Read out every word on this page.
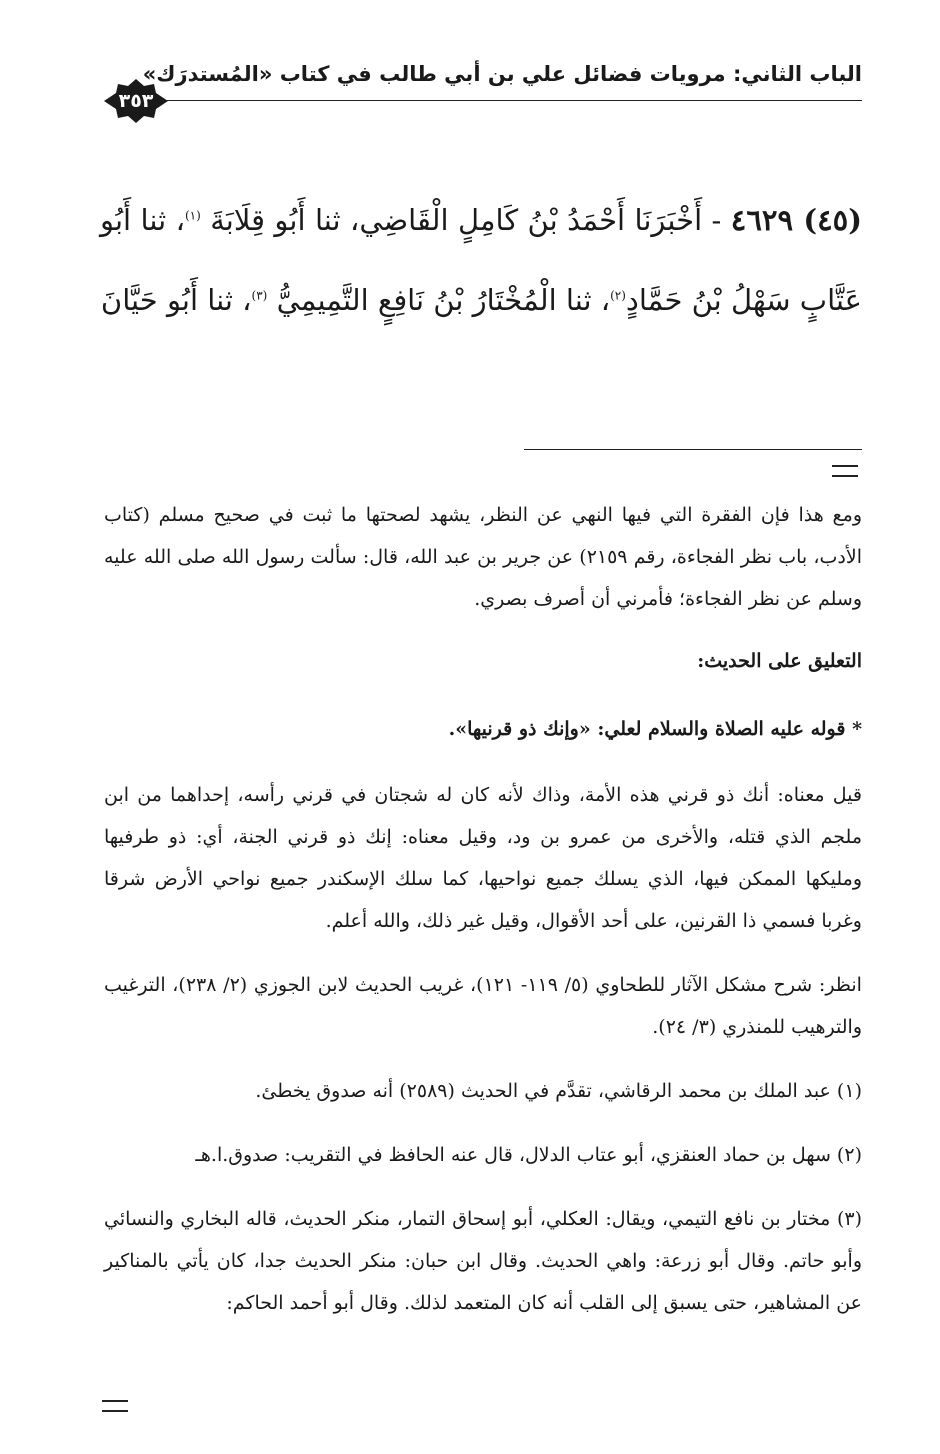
الباب الثاني: مرويات فضائل علي بن أبي طالب في كتاب «المُستدرَك»
٣٥٣
(٤٥) ٤٦٢٩ - أَخْبَرَنَا أَحْمَدُ بْنُ كَامِلٍ الْقَاضِي، ثنا أَبُو قِلَابَةَ $^{(١)}$، ثنا أَبُو عَتَّابٍ سَهْلُ بْنُ حَمَّادٍ$^{(٢)}$، ثنا الْمُخْتَارُ بْنُ نَافِعٍ التَّمِيمِيُّ $^{(٣)}$، ثنا أَبُو حَيَّانَ

ومع هذا فإن الفقرة التي فيها النهي عن النظر، يشهد لصحتها ما ثبت في صحيح مسلم (كتاب الأدب، باب نظر الفجاءة، رقم ٢١٥٩) عن جرير بن عبد الله، قال: سألت رسول الله صلى الله عليه وسلم عن نظر الفجاءة؛ فأمرني أن أصرف بصري.

التعليق على الحديث:

* قوله عليه الصلاة والسلام لعلي: «وإنك ذو قرنيها».

قيل معناه: أنك ذو قرني هذه الأمة، وذاك لأنه كان له شجتان في قرني رأسه، إحداهما من ابن ملجم الذي قتله، والأخرى من عمرو بن ود، وقيل معناه: إنك ذو قرني الجنة، أي: ذو طرفيها ومليكها الممكن فيها، الذي يسلك جميع نواحيها، كما سلك الإسكندر جميع نواحي الأرض شرقا وغربا فسمي ذا القرنين، على أحد الأقوال، وقيل غير ذلك، والله أعلم.

انظر: شرح مشكل الآثار للطحاوي (٥/ ١١٩- ١٢١)، غريب الحديث لابن الجوزي (٢/ ٢٣٨)، الترغيب والترهيب للمنذري (٣/ ٢٤).

(١) عبد الملك بن محمد الرقاشي، تقدَّم في الحديث (٢٥٨٩) أنه صدوق يخطئ.

(٢) سهل بن حماد العنقزي، أبو عتاب الدلال، قال عنه الحافظ في التقريب: صدوق.ا.هـ

(٣) مختار بن نافع التيمي، ويقال: العكلي، أبو إسحاق التمار، منكر الحديث، قاله البخاري والنسائي وأبو حاتم. وقال أبو زرعة: واهي الحديث. وقال ابن حبان: منكر الحديث جدا، كان يأتي بالمناكير عن المشاهير، حتى يسبق إلى القلب أنه كان المتعمد لذلك. وقال أبو أحمد الحاكم:
